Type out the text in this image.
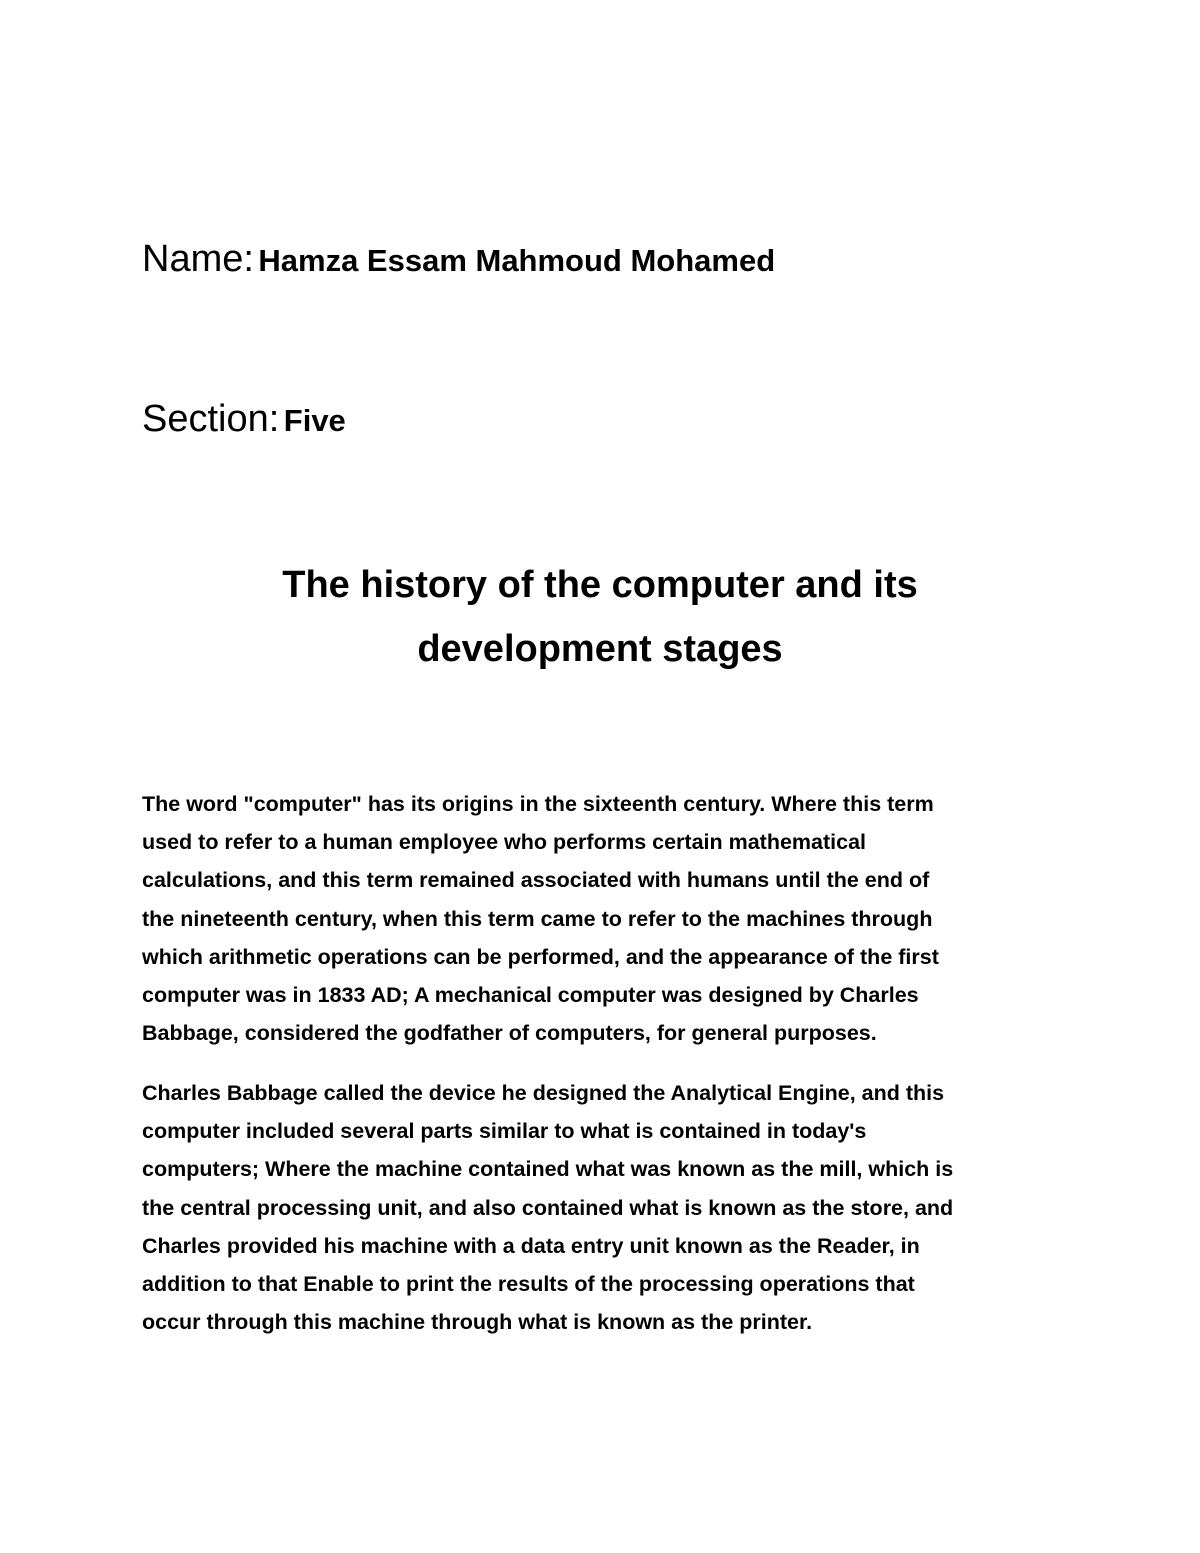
Name: Hamza Essam Mahmoud Mohamed
Section: Five
The history of the computer and its
development stages

The word "computer" has its origins in the sixteenth century. Where this term
used to refer to a human employee who performs certain mathematical
calculations, and this term remained associated with humans until the end of
the nineteenth century, when this term came to refer to the machines through
which arithmetic operations can be performed, and the appearance of the first
computer was in 1833 AD; A mechanical computer was designed by Charles
Babbage, considered the godfather of computers, for general purposes.

Charles Babbage called the device he designed the Analytical Engine, and this
computer included several parts similar to what is contained in today's
computers; Where the machine contained what was known as the mill, which is
the central processing unit, and also contained what is known as the store, and
Charles provided his machine with a data entry unit known as the Reader, in
addition to that Enable to print the results of the processing operations that
occur through this machine through what is known as the printer.
